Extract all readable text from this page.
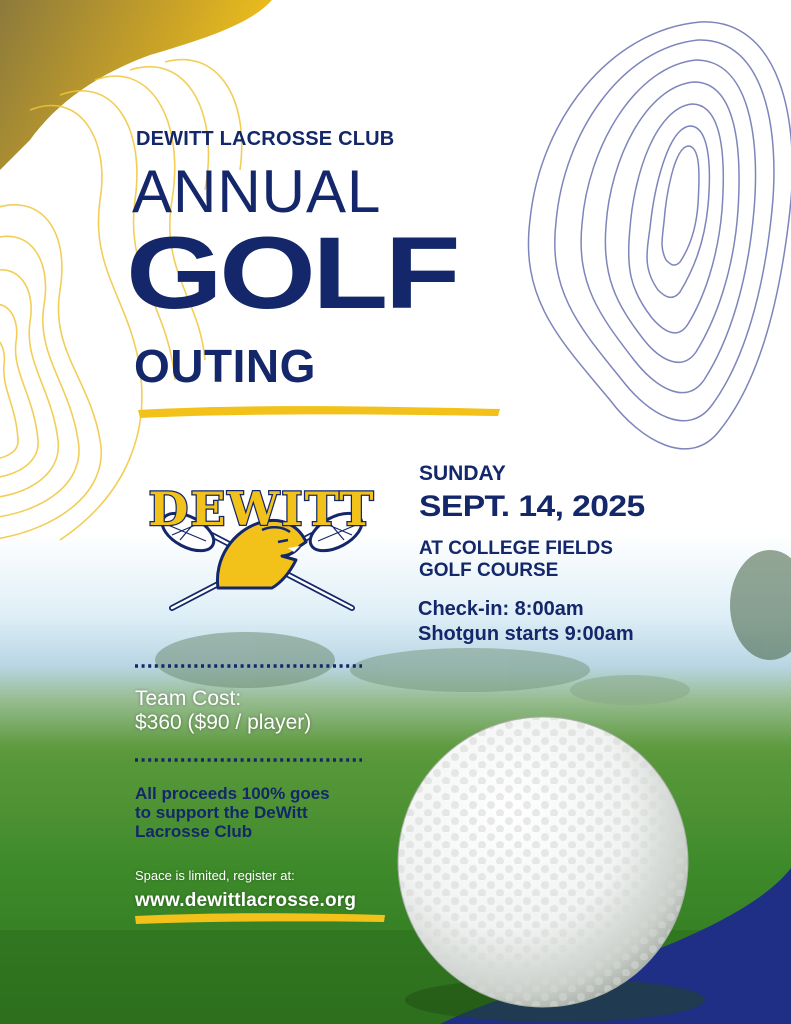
DEWITT

DEWITT LACROSSE CLUB

ANNUAL

GOLF

OUTING

SUNDAY

SEPT. 14, 2025

AT COLLEGE FIELDS

GOLF COURSE

Check-in: 8:00am

Shotgun starts 9:00am

Team Cost:

$360 ($90 / player)

All proceeds 100% goes

to support the DeWitt

Lacrosse Club

Space is limited, register at:

www.dewittlacrosse.org
